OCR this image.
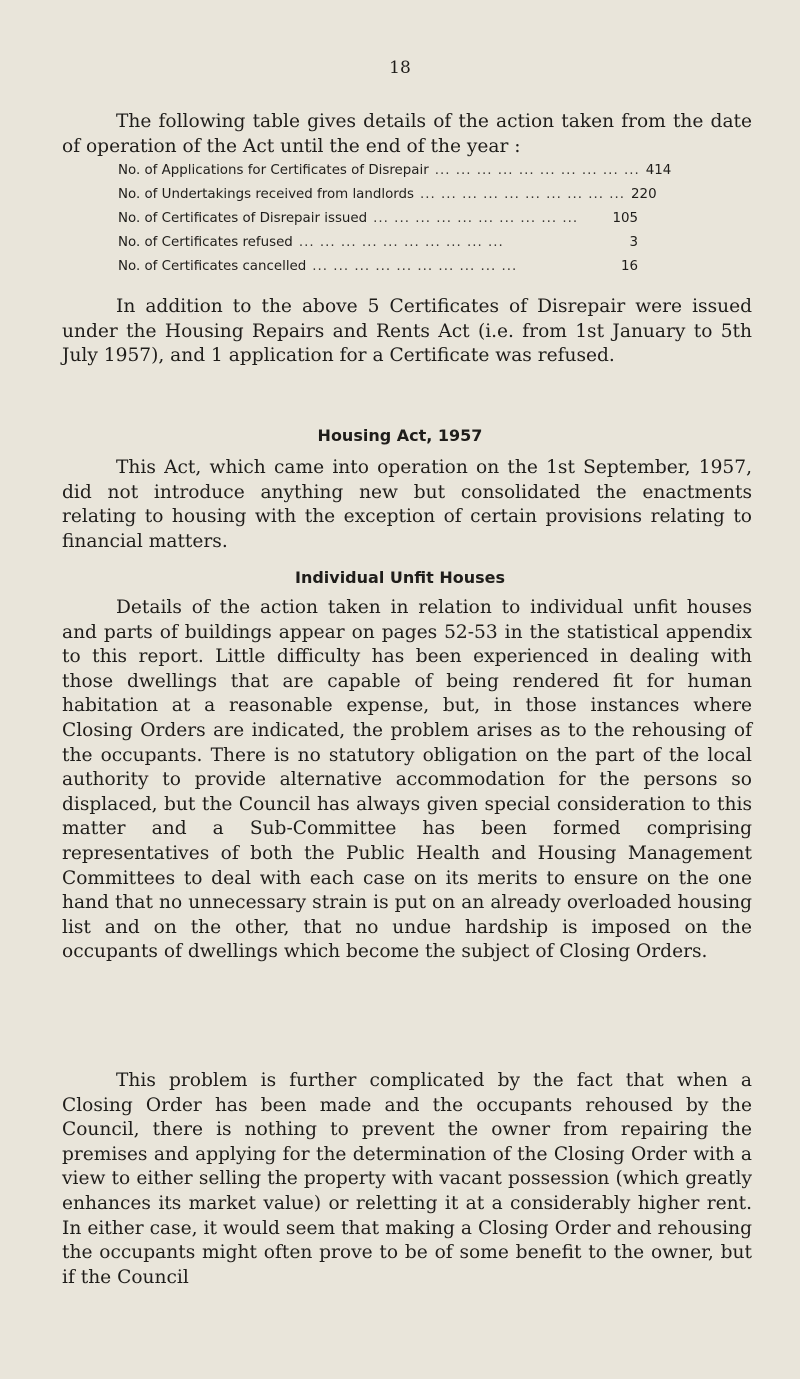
18

The following table gives details of the action taken from the date of operation of the Act until the end of the year :

No. of Applications for Certificates of Disrepair ... ... ... ... ... ... ... ... ... ... 414
No. of Undertakings received from landlords ... ... ... ... ... ... ... ... ... ... 220
No. of Certificates of Disrepair issued ... ... ... ... ... ... ... ... ... ...	105
No. of Certificates refused ... ... ... ... ... ... ... ... ... ...	3
No. of Certificates cancelled ... ... ... ... ... ... ... ... ... ...	16

In addition to the above 5 Certificates of Disrepair were issued under the Housing Repairs and Rents Act (i.e. from 1st January to 5th July 1957), and 1 application for a Certificate was refused.

Housing Act, 1957

This Act, which came into operation on the 1st September, 1957, did not introduce anything new but consolidated the enactments relating to housing with the exception of certain provisions relating to financial matters.

Individual Unfit Houses

Details of the action taken in relation to individual unfit houses and parts of buildings appear on pages 52-53 in the statistical appendix to this report. Little difficulty has been experienced in dealing with those dwellings that are capable of being rendered fit for human habitation at a reasonable expense, but, in those instances where Closing Orders are indicated, the problem arises as to the rehousing of the occupants. There is no statutory obligation on the part of the local authority to provide alternative accommodation for the persons so displaced, but the Council has always given special consideration to this matter and a Sub-Committee has been formed comprising representatives of both the Public Health and Housing Management Committees to deal with each case on its merits to ensure on the one hand that no unnecessary strain is put on an already overloaded housing list and on the other, that no undue hardship is imposed on the occupants of dwellings which become the subject of Closing Orders.

This problem is further complicated by the fact that when a Closing Order has been made and the occupants rehoused by the Council, there is nothing to prevent the owner from repairing the premises and applying for the determination of the Closing Order with a view to either selling the property with vacant possession (which greatly enhances its market value) or reletting it at a considerably higher rent. In either case, it would seem that making a Closing Order and rehousing the occupants might often prove to be of some benefit to the owner, but if the Council
